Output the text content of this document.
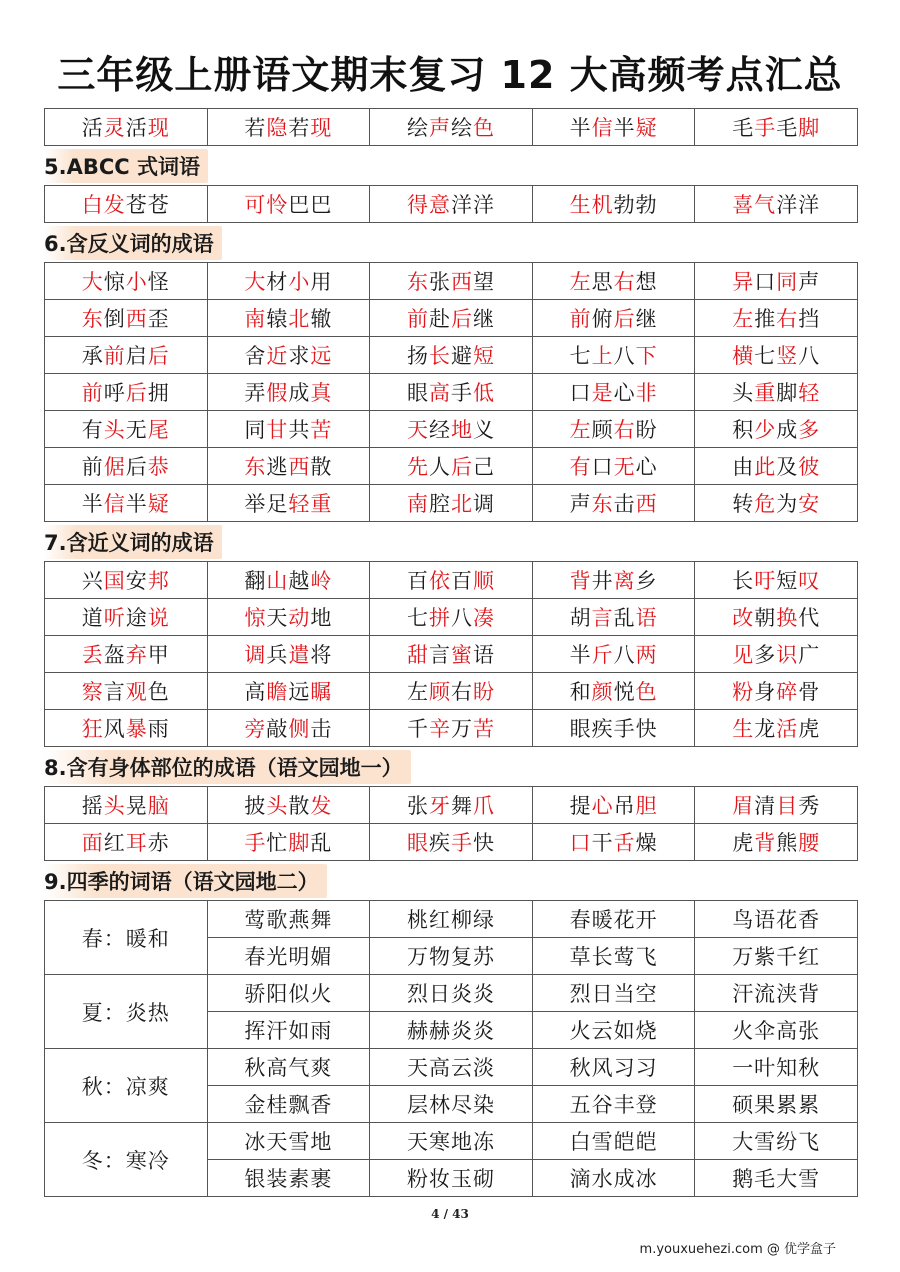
三年级上册语文期末复习 12 大高频考点汇总
活灵活现	若隐若现	绘声绘色	半信半疑	毛手毛脚
5.ABCC 式词语
白发苍苍	可怜巴巴	得意洋洋	生机勃勃	喜气洋洋
6.含反义词的成语
大惊小怪	大材小用	东张西望	左思右想	异口同声
东倒西歪	南辕北辙	前赴后继	前俯后继	左推右挡
承前启后	舍近求远	扬长避短	七上八下	横七竖八
前呼后拥	弄假成真	眼高手低	口是心非	头重脚轻
有头无尾	同甘共苦	天经地义	左顾右盼	积少成多
前倨后恭	东逃西散	先人后己	有口无心	由此及彼
半信半疑	举足轻重	南腔北调	声东击西	转危为安
7.含近义词的成语
兴国安邦	翻山越岭	百依百顺	背井离乡	长吁短叹
道听途说	惊天动地	七拼八凑	胡言乱语	改朝换代
丢盔弃甲	调兵遣将	甜言蜜语	半斤八两	见多识广
察言观色	高瞻远瞩	左顾右盼	和颜悦色	粉身碎骨
狂风暴雨	旁敲侧击	千辛万苦	眼疾手快	生龙活虎
8.含有身体部位的成语（语文园地一）
摇头晃脑	披头散发	张牙舞爪	提心吊胆	眉清目秀
面红耳赤	手忙脚乱	眼疾手快	口干舌燥	虎背熊腰
9.四季的词语（语文园地二）
春：暖和	莺歌燕舞	桃红柳绿	春暖花开	鸟语花香
	春光明媚	万物复苏	草长莺飞	万紫千红
夏：炎热	骄阳似火	烈日炎炎	烈日当空	汗流浃背
	挥汗如雨	赫赫炎炎	火云如烧	火伞高张
秋：凉爽	秋高气爽	天高云淡	秋风习习	一叶知秋
	金桂飘香	层林尽染	五谷丰登	硕果累累
冬：寒冷	冰天雪地	天寒地冻	白雪皑皑	大雪纷飞
	银装素裹	粉妆玉砌	滴水成冰	鹅毛大雪
4 / 43
m.youxuehezi.com @ 优学盒子
